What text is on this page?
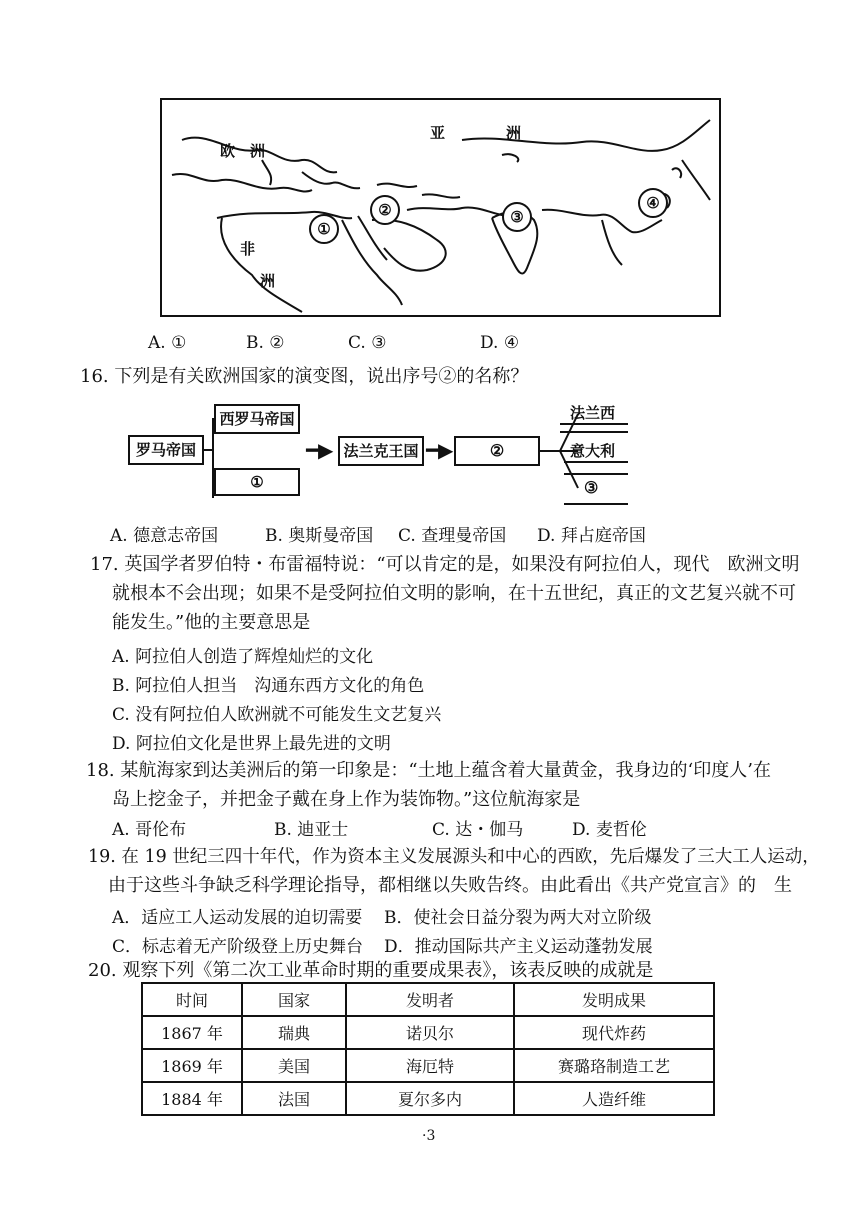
亚	洲
欧　洲
非
洲
①
②	③
④
A. ①	B. ②	C. ③	D. ④
16. 下列是有关欧洲国家的演变图，说出序号②的名称？
罗马帝国
西罗马帝国
①
━▶ 法兰克王国 ━▶	②
法兰西
意大利
③
A. 德意志帝国	B. 奥斯曼帝国 C. 查理曼帝国 D. 拜占庭帝国
17. 英国学者罗伯特・布雷福特说：“可以肯定的是，如果没有阿拉伯人，现代　欧洲文明
就根本不会出现；如果不是受阿拉伯文明的影响，在十五世纪，真正的文艺复兴就不可
能发生。”他的主要意思是
A. 阿拉伯人创造了辉煌灿烂的文化
B. 阿拉伯人担当　沟通东西方文化的角色
C. 没有阿拉伯人欧洲就不可能发生文艺复兴
D. 阿拉伯文化是世界上最先进的文明
18. 某航海家到达美洲后的第一印象是：“土地上蕴含着大量黄金，我身边的‘印度人’在
岛上挖金子，并把金子戴在身上作为装饰物。”这位航海家是
A. 哥伦布	B. 迪亚士	C. 达・伽马	D. 麦哲伦
19. 在 19 世纪三四十年代，作为资本主义发展源头和中心的西欧，先后爆发了三大工人运动，
由于这些斗争缺乏科学理论指导，都相继以失败告终。由此看出《共产党宣言》的　生
A．适应工人运动发展的迫切需要 B．使社会日益分裂为两大对立阶级
C．标志着无产阶级登上历史舞台 D．推动国际共产主义运动蓬勃发展
20. 观察下列《第二次工业革命时期的重要成果表》，该表反映的成就是
时间	国家	发明者	发明成果
1867 年	瑞典	诺贝尔	现代炸药
1869 年	美国	海厄特	赛璐珞制造工艺
1884 年	法国	夏尔多内	人造纤维
·3
